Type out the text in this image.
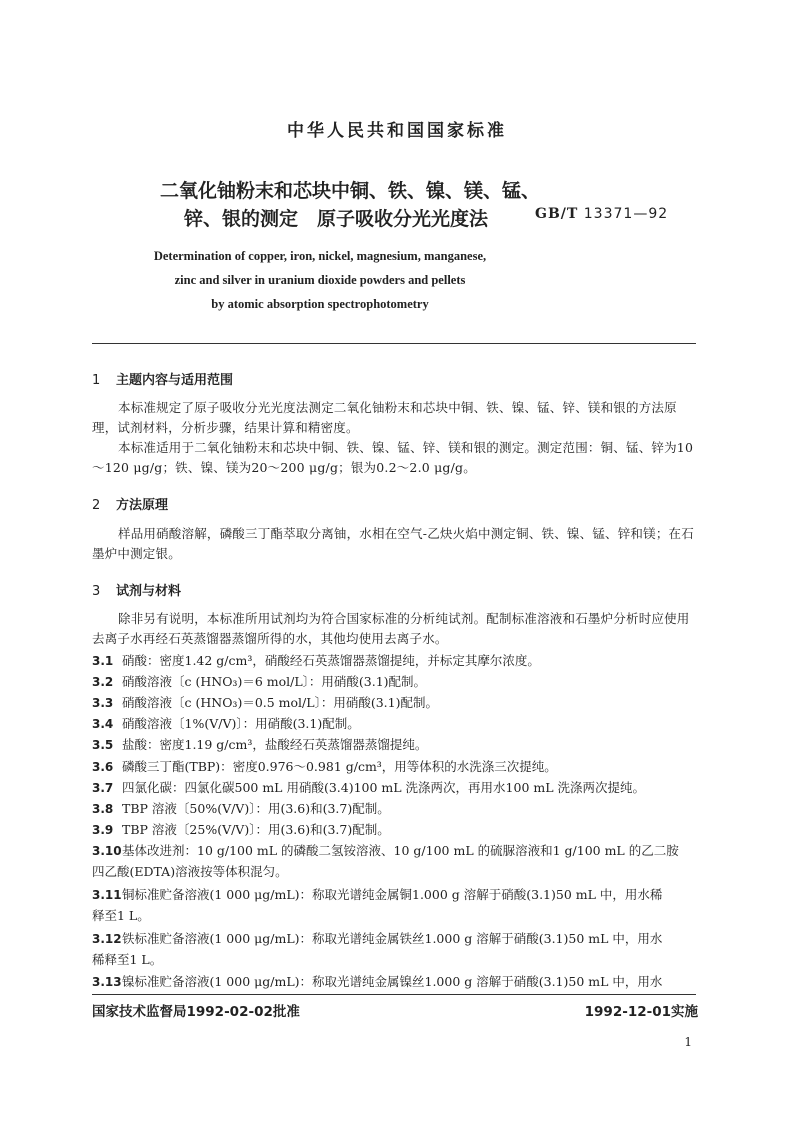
中华人民共和国国家标准
二氧化铀粉末和芯块中铜、铁、镍、镁、锰、
锌、银的测定　原子吸收分光光度法	GB/T 13371—92
Determination of copper, iron, nickel, magnesium, manganese,
zinc and silver in uranium dioxide powders and pellets
by atomic absorption spectrophotometry
1 主题内容与适用范围
本标准规定了原子吸收分光光度法测定二氧化铀粉末和芯块中铜、铁、镍、锰、锌、镁和银的方法原理，试剂材料，分析步骤，结果计算和精密度。
本标准适用于二氧化铀粉末和芯块中铜、铁、镍、锰、锌、镁和银的测定。测定范围：铜、锰、锌为10～120 μg/g；铁、镍、镁为20～200 μg/g；银为0.2～2.0 μg/g。
2 方法原理
样品用硝酸溶解，磷酸三丁酯萃取分离铀，水相在空气-乙炔火焰中测定铜、铁、镍、锰、锌和镁；在石墨炉中测定银。
3 试剂与材料
除非另有说明，本标准所用试剂均为符合国家标准的分析纯试剂。配制标准溶液和石墨炉分析时应使用去离子水再经石英蒸馏器蒸馏所得的水，其他均使用去离子水。
3.1 硝酸：密度1.42 g/cm³，硝酸经石英蒸馏器蒸馏提纯，并标定其摩尔浓度。
3.2 硝酸溶液〔c (HNO₃)＝6 mol/L〕：用硝酸(3.1)配制。
3.3 硝酸溶液〔c (HNO₃)＝0.5 mol/L〕：用硝酸(3.1)配制。
3.4 硝酸溶液〔1%(V/V)〕：用硝酸(3.1)配制。
3.5 盐酸：密度1.19 g/cm³，盐酸经石英蒸馏器蒸馏提纯。
3.6 磷酸三丁酯(TBP)：密度0.976～0.981 g/cm³，用等体积的水洗涤三次提纯。
3.7 四氯化碳：四氯化碳500 mL 用硝酸(3.4)100 mL 洗涤两次，再用水100 mL 洗涤两次提纯。
3.8 TBP 溶液〔50%(V/V)〕：用(3.6)和(3.7)配制。
3.9 TBP 溶液〔25%(V/V)〕：用(3.6)和(3.7)配制。
3.10基体改进剂：10 g/100 mL 的磷酸二氢铵溶液、10 g/100 mL 的硫脲溶液和1 g/100 mL 的乙二胺
四乙酸(EDTA)溶液按等体积混匀。
3.11铜标准贮备溶液(1 000 μg/mL)：称取光谱纯金属铜1.000 g 溶解于硝酸(3.1)50 mL 中，用水稀
释至1 L。
3.12铁标准贮备溶液(1 000 μg/mL)：称取光谱纯金属铁丝1.000 g 溶解于硝酸(3.1)50 mL 中，用水
稀释至1 L。
3.13镍标准贮备溶液(1 000 μg/mL)：称取光谱纯金属镍丝1.000 g 溶解于硝酸(3.1)50 mL 中，用水
国家技术监督局1992-02-02批准	1992-12-01实施
1
